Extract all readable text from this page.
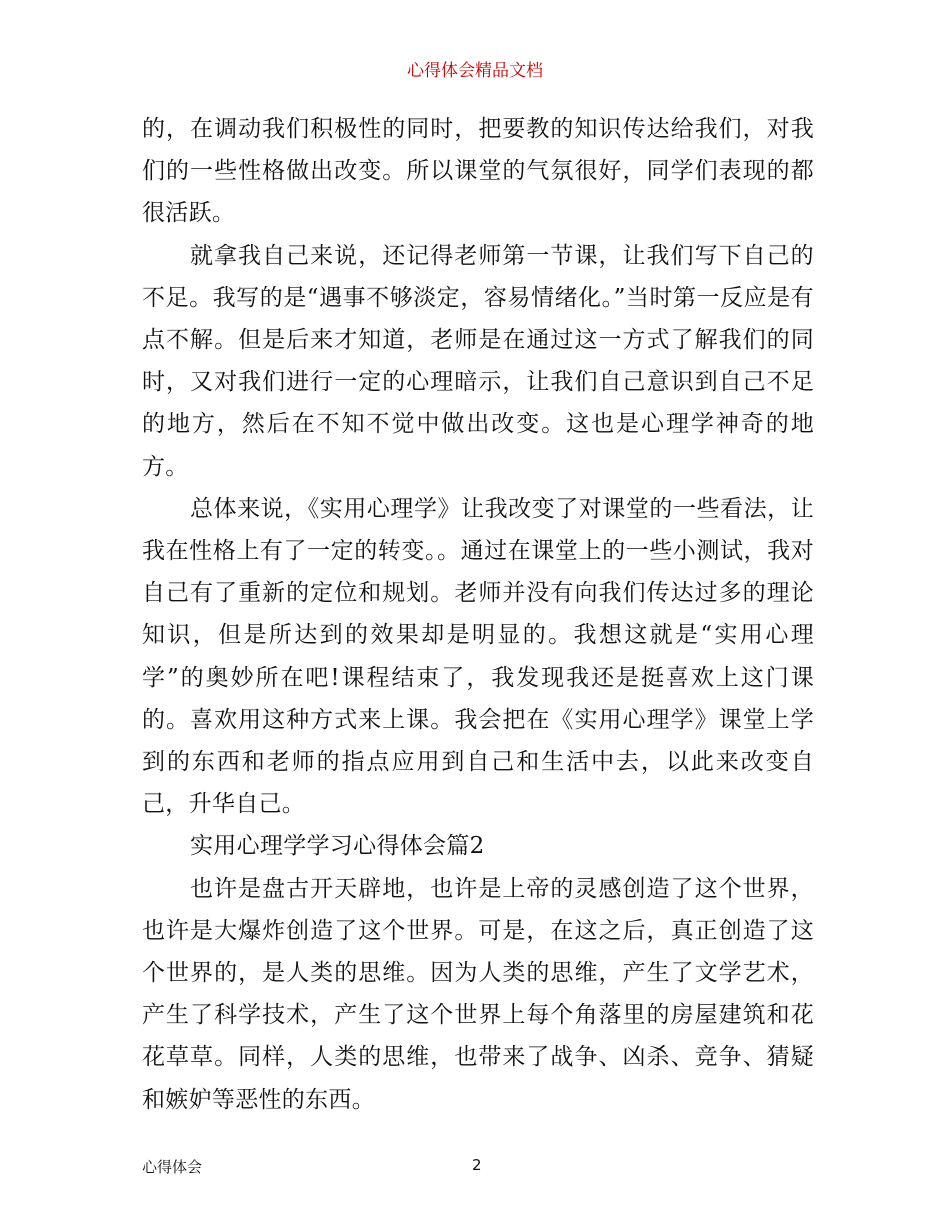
心得体会精品文档

的，在调动我们积极性的同时，把要教的知识传达给我们，对我们的一些性格做出改变。所以课堂的气氛很好，同学们表现的都很活跃。

就拿我自己来说，还记得老师第一节课，让我们写下自己的不足。我写的是“遇事不够淡定，容易情绪化。”当时第一反应是有点不解。但是后来才知道，老师是在通过这一方式了解我们的同时，又对我们进行一定的心理暗示，让我们自己意识到自己不足的地方，然后在不知不觉中做出改变。这也是心理学神奇的地方。

总体来说，《实用心理学》让我改变了对课堂的一些看法，让我在性格上有了一定的转变。。通过在课堂上的一些小测试，我对自己有了重新的定位和规划。老师并没有向我们传达过多的理论知识，但是所达到的效果却是明显的。我想这就是“实用心理学”的奥妙所在吧!课程结束了，我发现我还是挺喜欢上这门课的。喜欢用这种方式来上课。我会把在《实用心理学》课堂上学到的东西和老师的指点应用到自己和生活中去，以此来改变自己，升华自己。

实用心理学学习心得体会篇2

也许是盘古开天辟地，也许是上帝的灵感创造了这个世界，也许是大爆炸创造了这个世界。可是，在这之后，真正创造了这个世界的，是人类的思维。因为人类的思维，产生了文学艺术，产生了科学技术，产生了这个世界上每个角落里的房屋建筑和花花草草。同样，人类的思维，也带来了战争、凶杀、竞争、猜疑和嫉妒等恶性的东西。

心得体会	2
